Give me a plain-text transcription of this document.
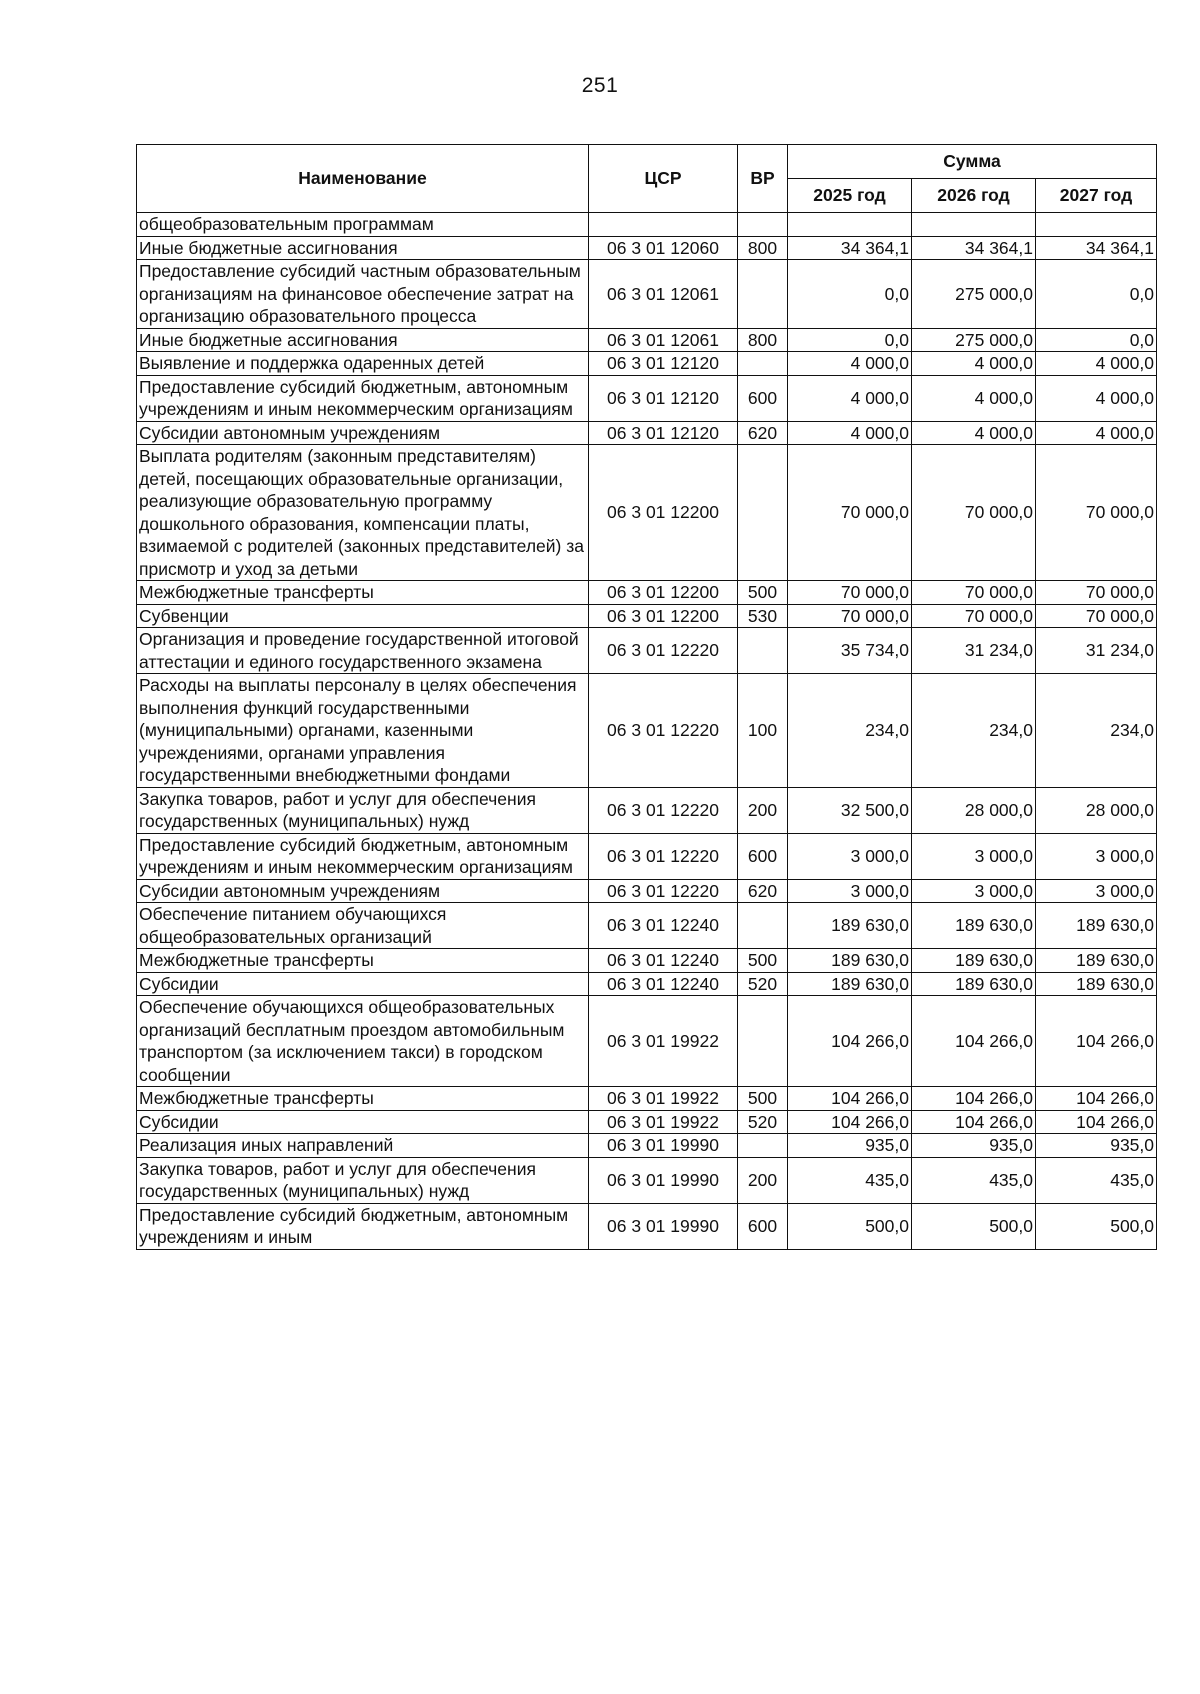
251
Наименование	ЦСР	ВР	Сумма		
			2025 год	2026 год	2027 год
общеобразовательным программам					
Иные бюджетные ассигнования	06 3 01 12060	800	34 364,1	34 364,1	34 364,1
Предоставление субсидий частным образовательным организациям на финансовое обеспечение затрат на организацию образовательного процесса	06 3 01 12061		0,0	275 000,0	0,0
Иные бюджетные ассигнования	06 3 01 12061	800	0,0	275 000,0	0,0
Выявление и поддержка одаренных детей	06 3 01 12120		4 000,0	4 000,0	4 000,0
Предоставление субсидий бюджетным, автономным учреждениям и иным некоммерческим организациям	06 3 01 12120	600	4 000,0	4 000,0	4 000,0
Субсидии автономным учреждениям	06 3 01 12120	620	4 000,0	4 000,0	4 000,0
Выплата родителям (законным представителям) детей, посещающих образовательные организации, реализующие образовательную программу дошкольного образования, компенсации платы, взимаемой с родителей (законных представителей) за присмотр и уход за детьми	06 3 01 12200		70 000,0	70 000,0	70 000,0
Межбюджетные трансферты	06 3 01 12200	500	70 000,0	70 000,0	70 000,0
Субвенции	06 3 01 12200	530	70 000,0	70 000,0	70 000,0
Организация и проведение государственной итоговой аттестации и единого государственного экзамена	06 3 01 12220		35 734,0	31 234,0	31 234,0
Расходы на выплаты персоналу в целях обеспечения выполнения функций государственными (муниципальными) органами, казенными учреждениями, органами управления государственными внебюджетными фондами	06 3 01 12220	100	234,0	234,0	234,0
Закупка товаров, работ и услуг для обеспечения государственных (муниципальных) нужд	06 3 01 12220	200	32 500,0	28 000,0	28 000,0
Предоставление субсидий бюджетным, автономным учреждениям и иным некоммерческим организациям	06 3 01 12220	600	3 000,0	3 000,0	3 000,0
Субсидии автономным учреждениям	06 3 01 12220	620	3 000,0	3 000,0	3 000,0
Обеспечение питанием обучающихся общеобразовательных организаций	06 3 01 12240		189 630,0	189 630,0	189 630,0
Межбюджетные трансферты	06 3 01 12240	500	189 630,0	189 630,0	189 630,0
Субсидии	06 3 01 12240	520	189 630,0	189 630,0	189 630,0
Обеспечение обучающихся общеобразовательных организаций бесплатным проездом автомобильным транспортом (за исключением такси) в городском сообщении	06 3 01 19922		104 266,0	104 266,0	104 266,0
Межбюджетные трансферты	06 3 01 19922	500	104 266,0	104 266,0	104 266,0
Субсидии	06 3 01 19922	520	104 266,0	104 266,0	104 266,0
Реализация иных направлений	06 3 01 19990		935,0	935,0	935,0
Закупка товаров, работ и услуг для обеспечения государственных (муниципальных) нужд	06 3 01 19990	200	435,0	435,0	435,0
Предоставление субсидий бюджетным, автономным учреждениям и иным	06 3 01 19990	600	500,0	500,0	500,0
